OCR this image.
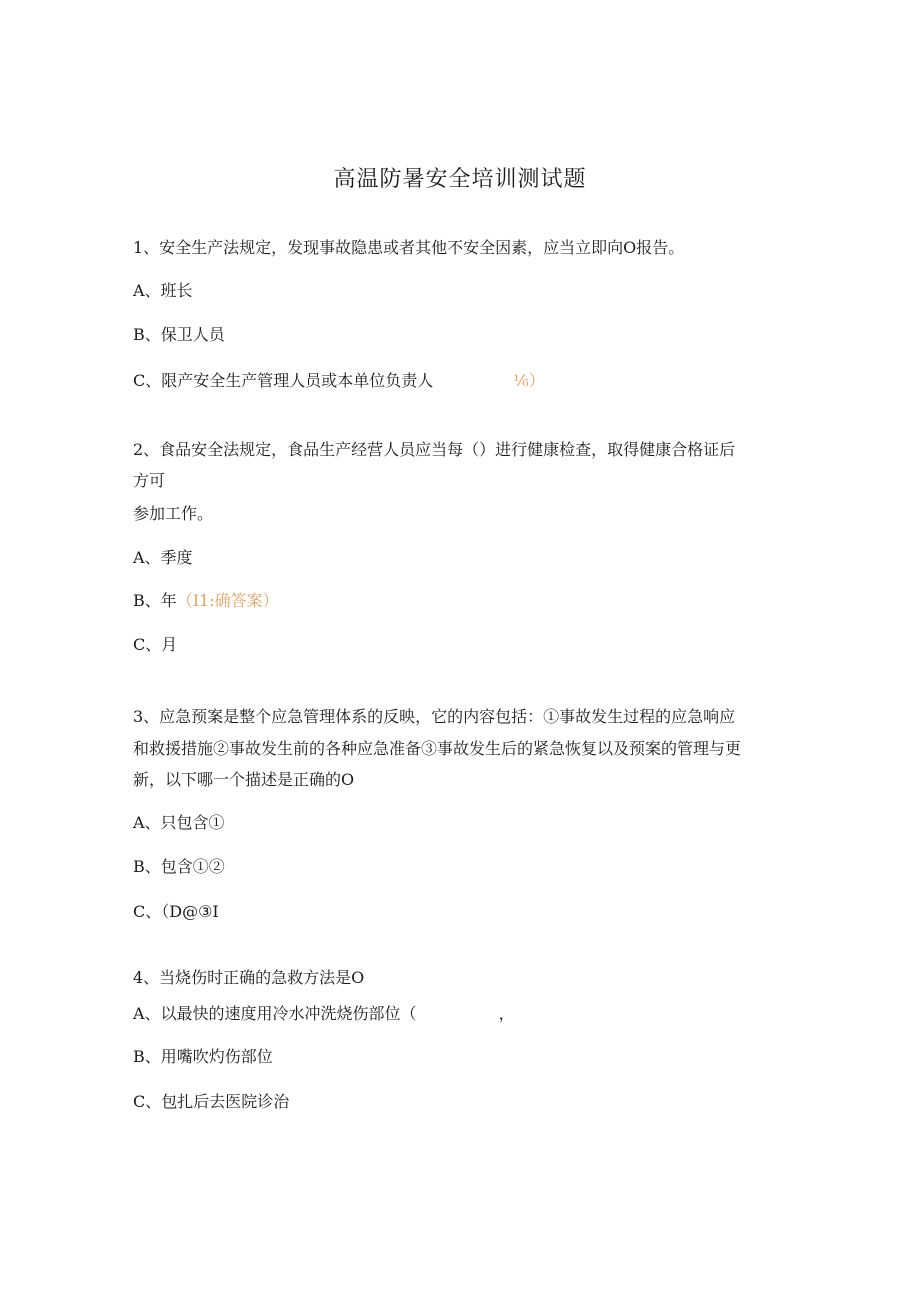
高温防暑安全培训测试题
1、安全生产法规定，发现事故隐患或者其他不安全因素，应当立即向O报告。
A、班长
B、保卫人员
C、限产安全生产管理人员或本单位负责人	⅙）
2、食品安全法规定，食品生产经营人员应当每（）进行健康检查，取得健康合格证后
方可
参加工作。
A、季度
B、年（I1:确答案）
C、月
3、应急预案是整个应急管理体系的反映，它的内容包括：①事故发生过程的应急响应
和救援措施②事故发生前的各种应急准备③事故发生后的紧急恢复以及预案的管理与更
新，以下哪一个描述是正确的O
A、只包含①
B、包含①②
C、（D@③I
4、当烧伤时正确的急救方法是O
A、以最快的速度用冷水冲洗烧伤部位（	，
B、用嘴吹灼伤部位
C、包扎后去医院诊治
